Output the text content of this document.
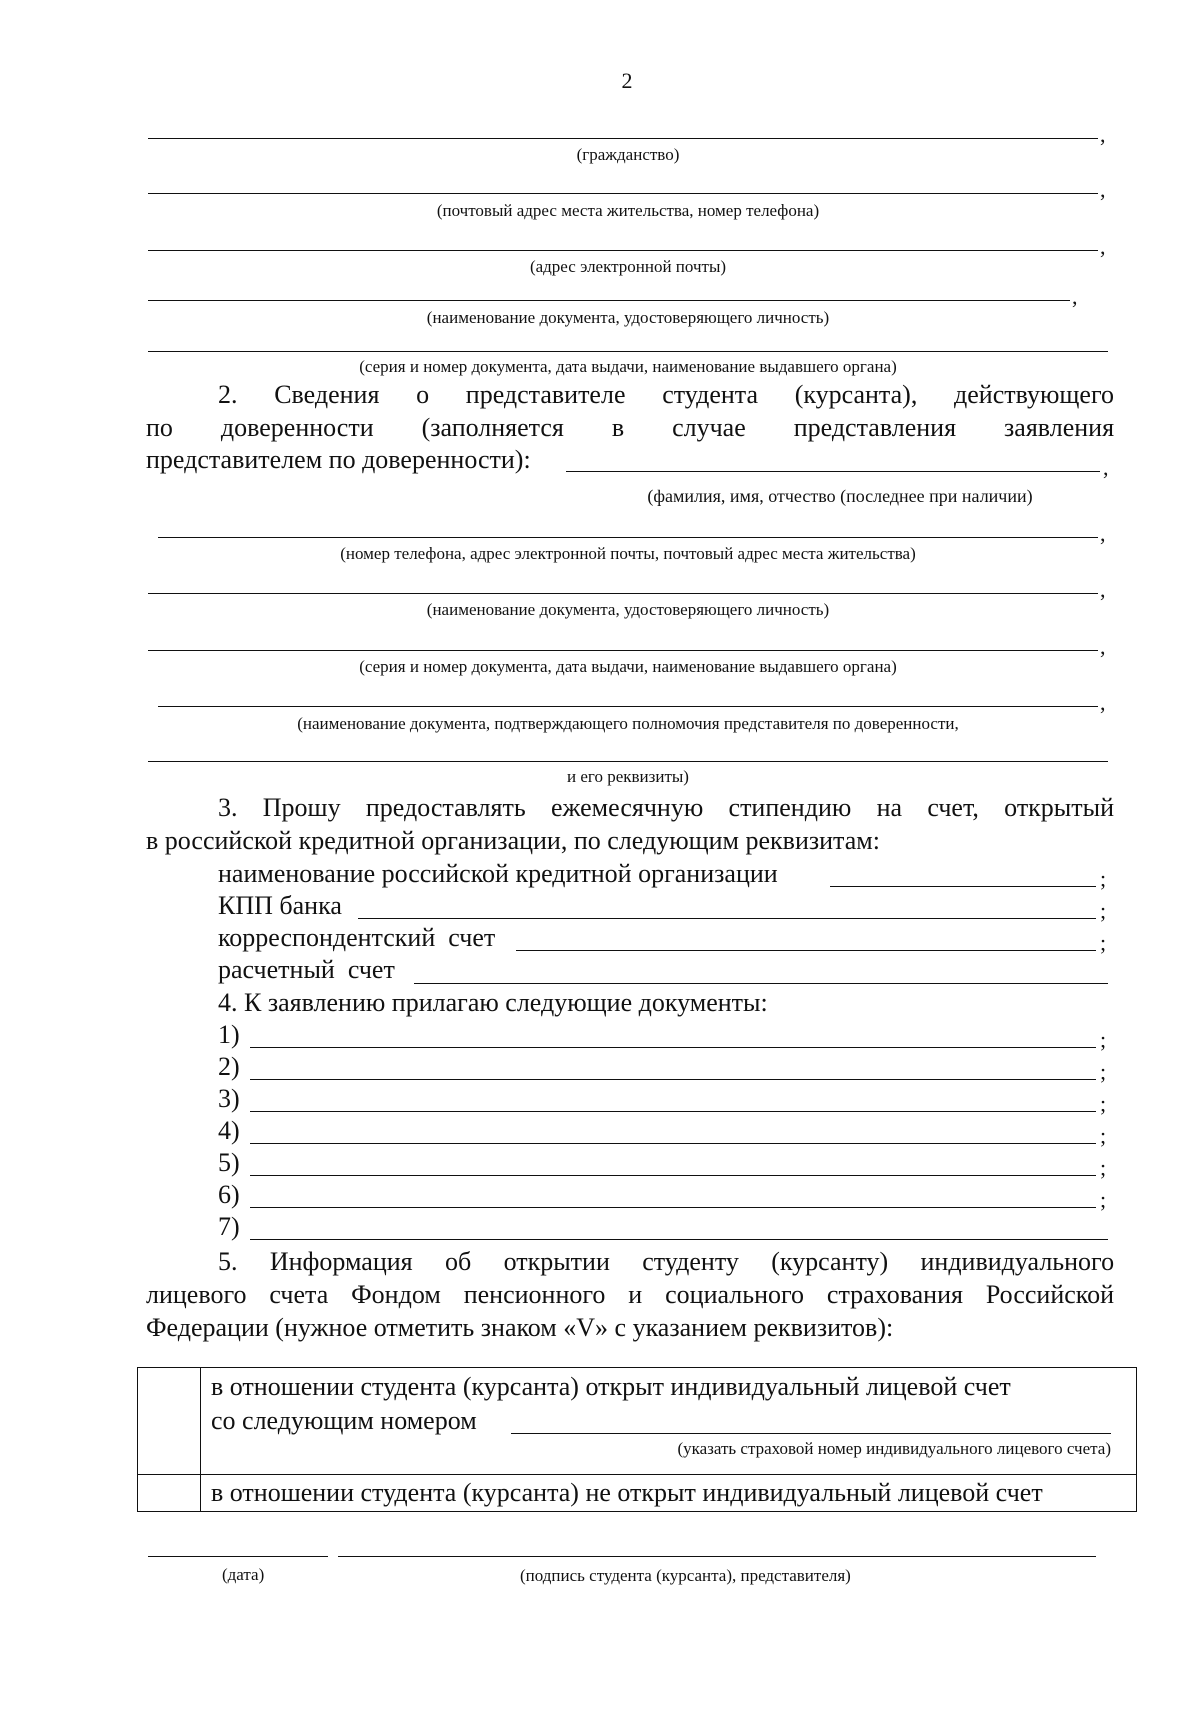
2
,
(гражданство)
,
(почтовый адрес места жительства, номер телефона)
,
(адрес электронной почты)
,
(наименование документа, удостоверяющего личность)
(серия и номер документа, дата выдачи, наименование выдавшего органа)
2. Сведения о представителе студента (курсанта), действующего
по доверенности (заполняется в случае представления заявления
представителем по доверенности):	,
(фамилия, имя, отчество (последнее при наличии)
,
(номер телефона, адрес электронной почты, почтовый адрес места жительства)
,
(наименование документа, удостоверяющего личность)
,
(серия и номер документа, дата выдачи, наименование выдавшего органа)
,
(наименование документа, подтверждающего полномочия представителя по доверенности,
и его реквизиты)
3. Прошу предоставлять ежемесячную стипендию на счет, открытый
в российской кредитной организации, по следующим реквизитам:
наименование российской кредитной организации	;
КПП банка	;
корреспондентский  счет	;
расчетный  счет
4. К заявлению прилагаю следующие документы:
1)	;
2)	;
3)	;
4)	;
5)	;
6)	;
7)
5. Информация об открытии студенту (курсанту) индивидуального
лицевого счета Фондом пенсионного и социального страхования Российской
Федерации (нужное отметить знаком «V» с указанием реквизитов):

	в отношении студента (курсанта) открыт индивидуальный лицевой счет
со следующим номером
(указать страховой номер индивидуального лицевого счета)

	в отношении студента (курсанта) не открыт индивидуальный лицевой счет
(дата)	(подпись студента (курсанта), представителя)
